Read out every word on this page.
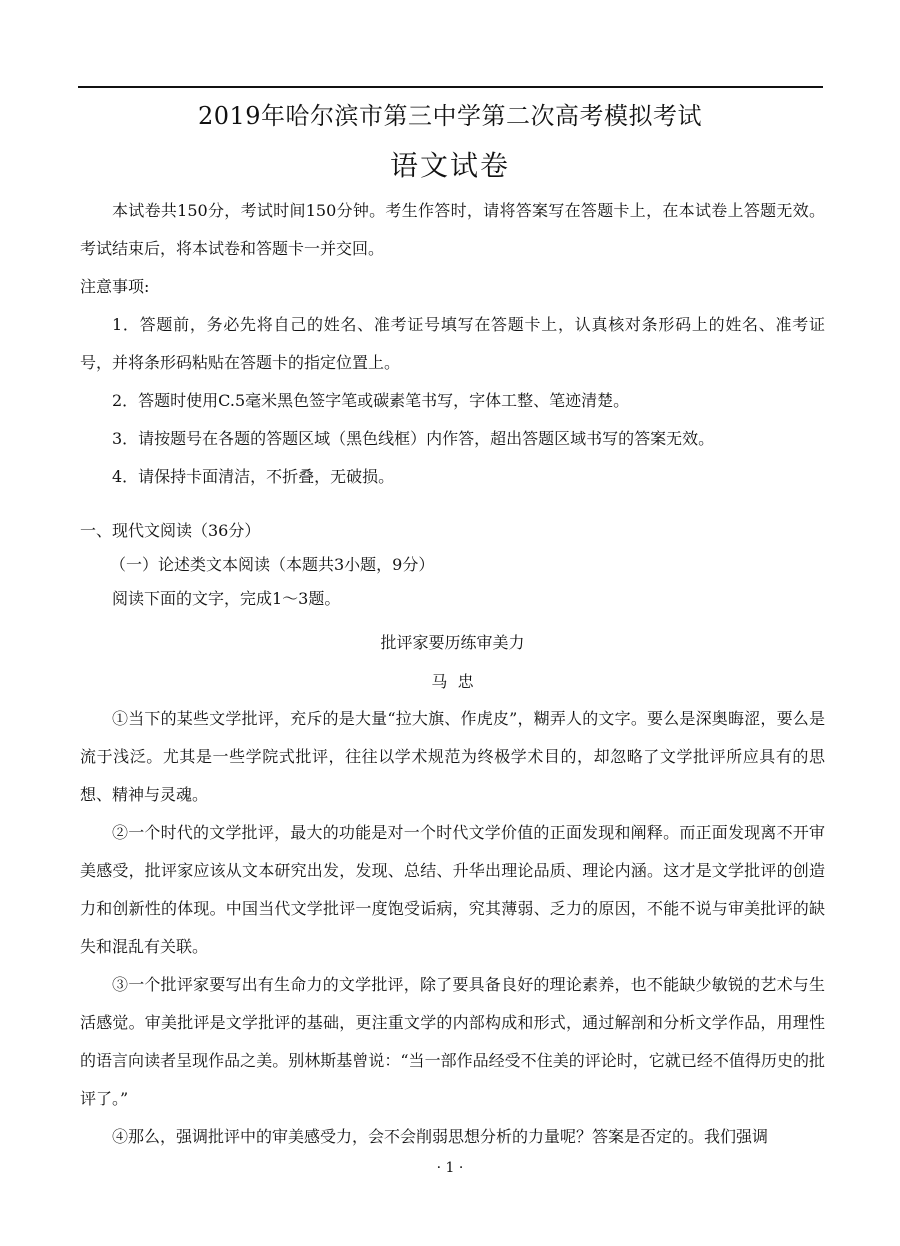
2019年哈尔滨市第三中学第二次高考模拟考试
语文试卷

本试卷共150分，考试时间150分钟。考生作答时，请将答案写在答题卡上，在本试卷上答题无效。考试结束后，将本试卷和答题卡一并交回。

注意事项:

1．答题前，务必先将自己的姓名、准考证号填写在答题卡上，认真核对条形码上的姓名、准考证号，并将条形码粘贴在答题卡的指定位置上。

2．答题时使用C.5毫米黑色签字笔或碳素笔书写，字体工整、笔迹清楚。

3．请按题号在各题的答题区域（黑色线框）内作答，超出答题区域书写的答案无效。

4．请保持卡面清洁，不折叠，无破损。

一、现代文阅读（36分）

（一）论述类文本阅读（本题共3小题，9分）

阅读下面的文字，完成1～3题。

批评家要历练审美力

马  忠

①当下的某些文学批评，充斥的是大量“拉大旗、作虎皮”，糊弄人的文字。要么是深奥晦涩，要么是流于浅泛。尤其是一些学院式批评，往往以学术规范为终极学术目的，却忽略了文学批评所应具有的思想、精神与灵魂。

②一个时代的文学批评，最大的功能是对一个时代文学价值的正面发现和阐释。而正面发现离不开审美感受，批评家应该从文本研究出发，发现、总结、升华出理论品质、理论内涵。这才是文学批评的创造力和创新性的体现。中国当代文学批评一度饱受诟病，究其薄弱、乏力的原因，不能不说与审美批评的缺失和混乱有关联。

③一个批评家要写出有生命力的文学批评，除了要具备良好的理论素养，也不能缺少敏锐的艺术与生活感觉。审美批评是文学批评的基础，更注重文学的内部构成和形式，通过解剖和分析文学作品，用理性的语言向读者呈现作品之美。别林斯基曾说：“当一部作品经受不住美的评论时，它就已经不值得历史的批评了。”

④那么，强调批评中的审美感受力，会不会削弱思想分析的力量呢？答案是否定的。我们强调

· 1 ·
